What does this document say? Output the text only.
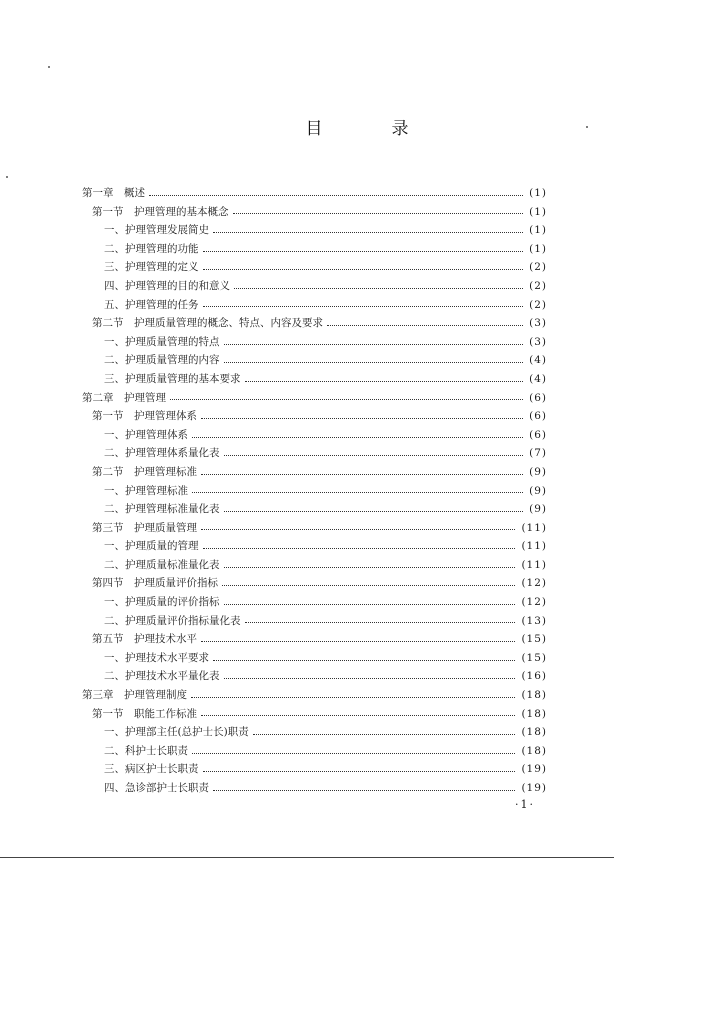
目　录
第一章　概述	(1)
第一节　护理管理的基本概念	(1)
一、护理管理发展简史	(1)
二、护理管理的功能	(1)
三、护理管理的定义	(2)
四、护理管理的目的和意义	(2)
五、护理管理的任务	(2)
第二节　护理质量管理的概念、特点、内容及要求	(3)
一、护理质量管理的特点	(3)
二、护理质量管理的内容	(4)
三、护理质量管理的基本要求	(4)
第二章　护理管理	(6)
第一节　护理管理体系	(6)
一、护理管理体系	(6)
二、护理管理体系量化表	(7)
第二节　护理管理标准	(9)
一、护理管理标准	(9)
二、护理管理标准量化表	(9)
第三节　护理质量管理	(11)
一、护理质量的管理	(11)
二、护理质量标准量化表	(11)
第四节　护理质量评价指标	(12)
一、护理质量的评价指标	(12)
二、护理质量评价指标量化表	(13)
第五节　护理技术水平	(15)
一、护理技术水平要求	(15)
二、护理技术水平量化表	(16)
第三章　护理管理制度	(18)
第一节　职能工作标准	(18)
一、护理部主任(总护士长)职责	(18)
二、科护士长职责	(18)
三、病区护士长职责	(19)
四、急诊部护士长职责	(19)
·1·
